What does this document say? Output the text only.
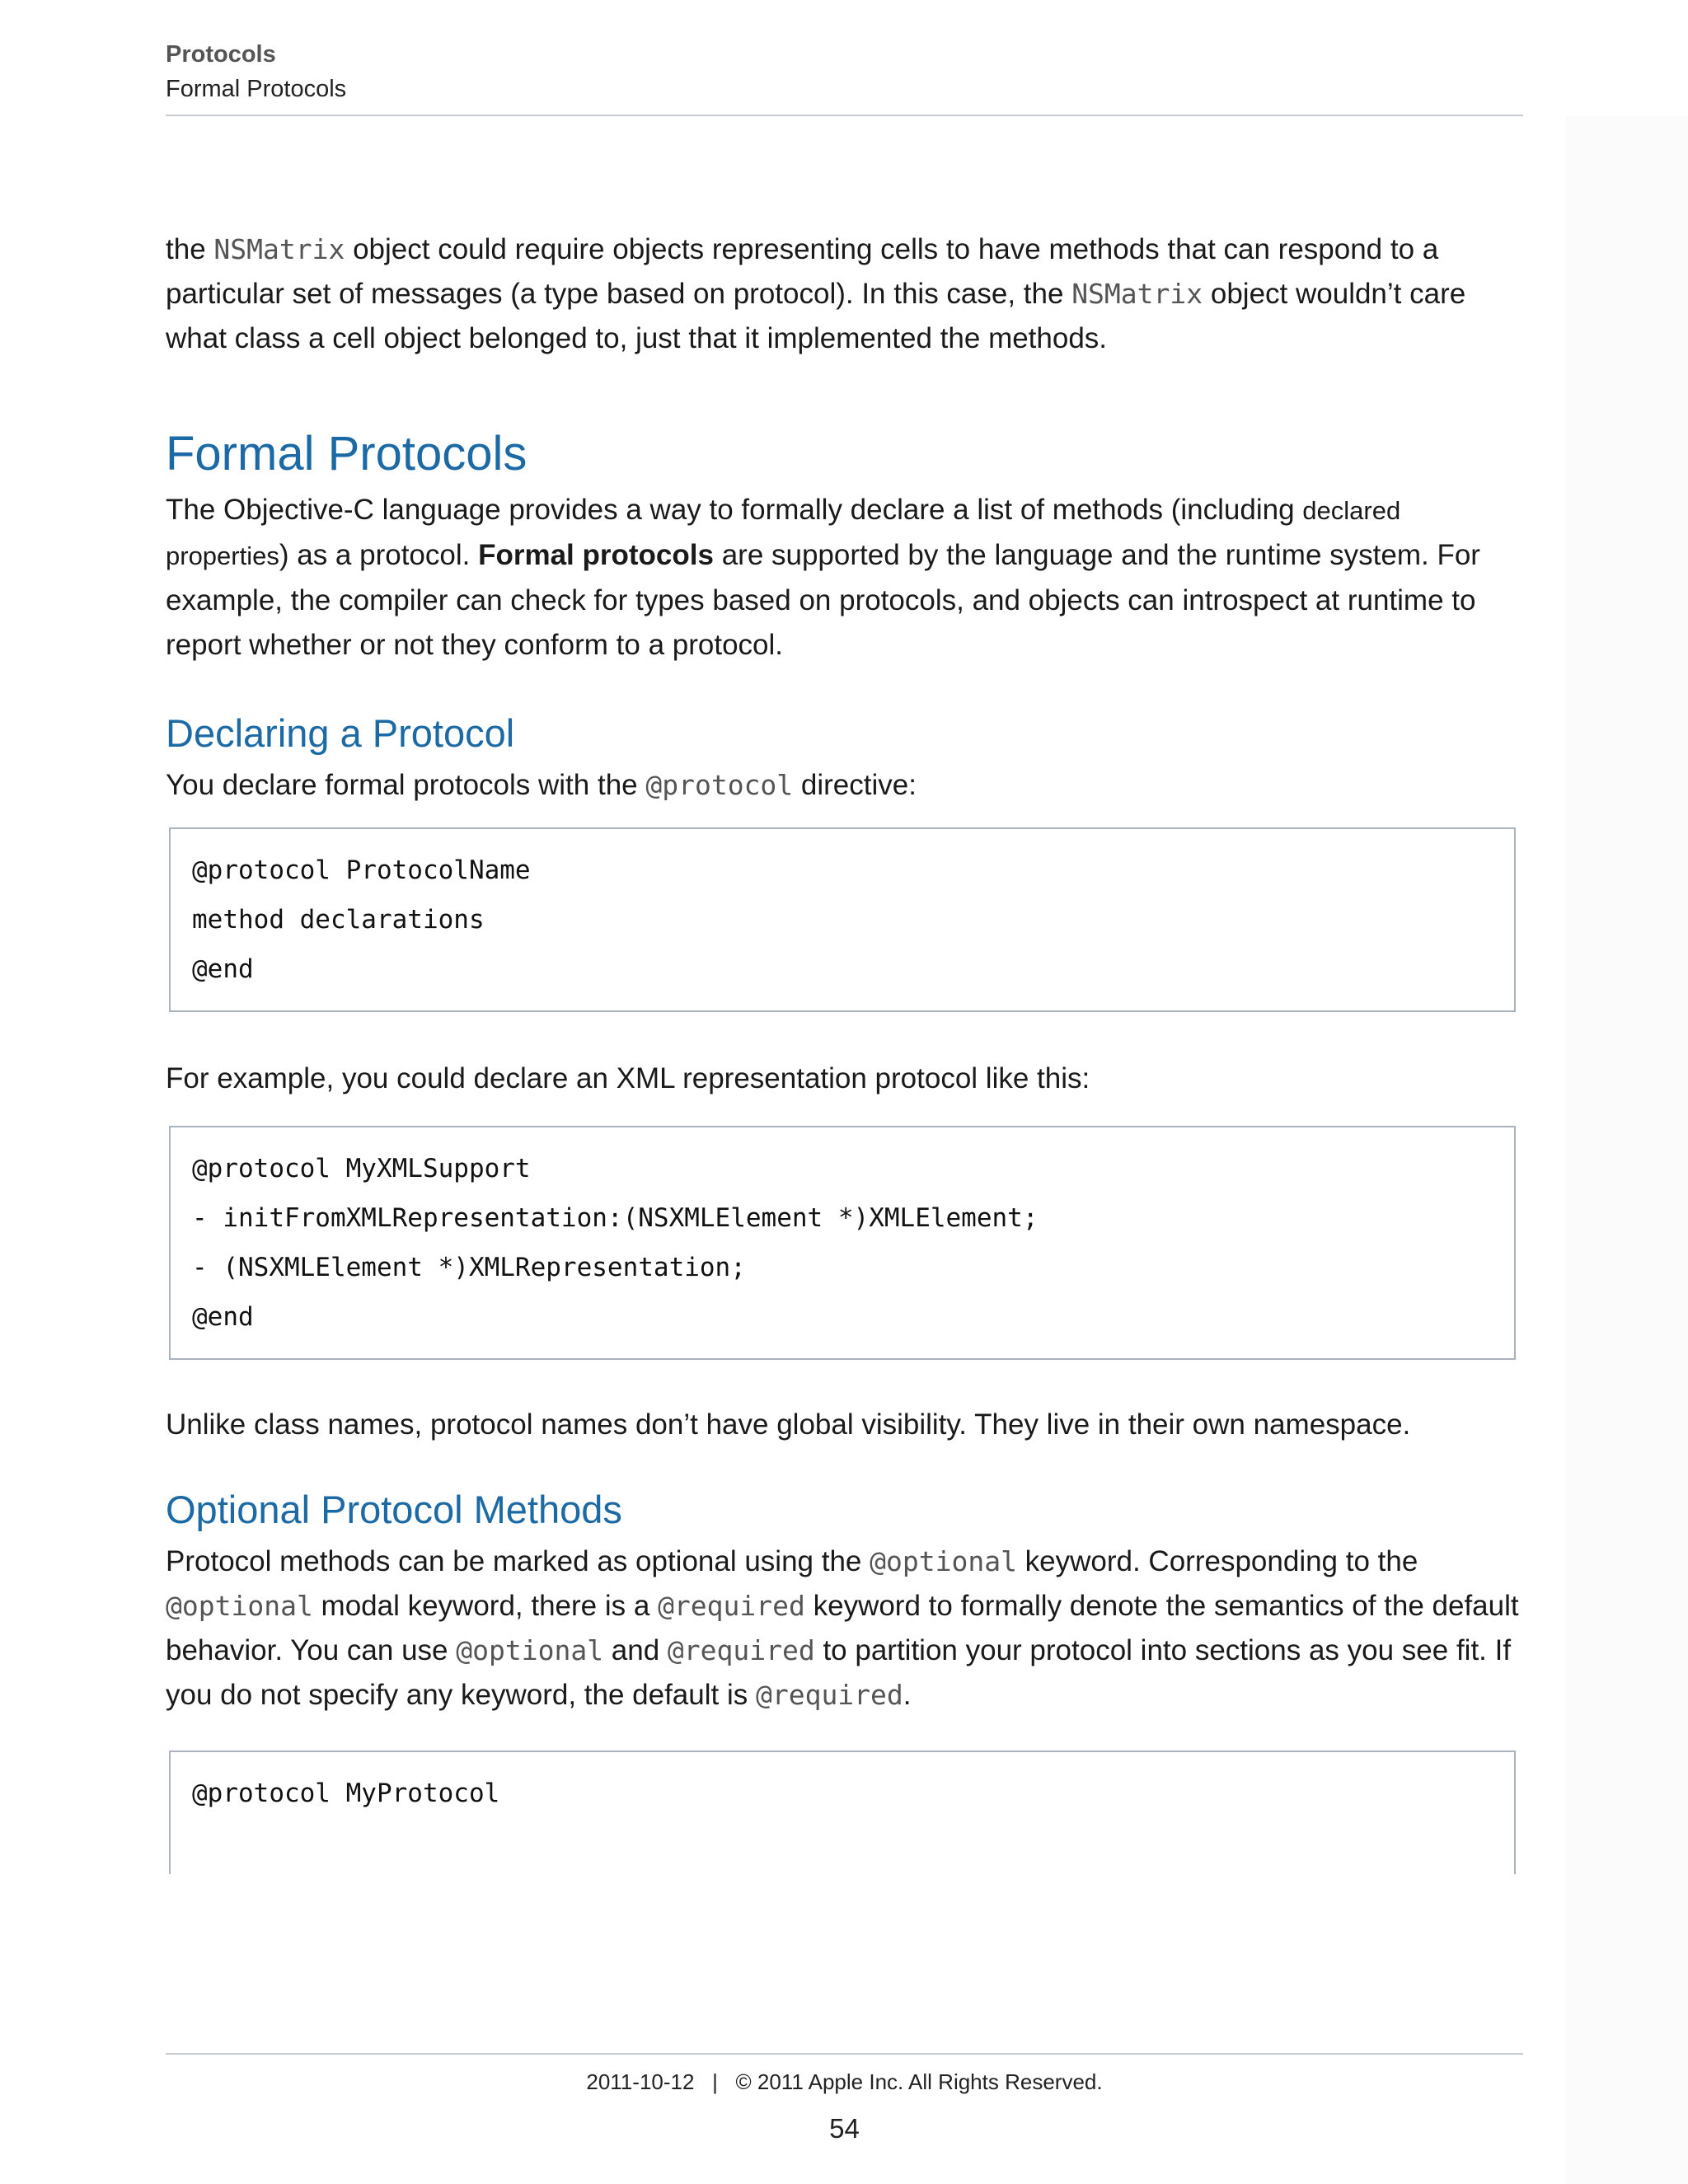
Protocols
Formal Protocols

the NSMatrix object could require objects representing cells to have methods that can respond to a particular set of messages (a type based on protocol). In this case, the NSMatrix object wouldn’t care what class a cell object belonged to, just that it implemented the methods.

Formal Protocols

The Objective-C language provides a way to formally declare a list of methods (including declared properties) as a protocol. Formal protocols are supported by the language and the runtime system. For example, the compiler can check for types based on protocols, and objects can introspect at runtime to report whether or not they conform to a protocol.

Declaring a Protocol

You declare formal protocols with the @protocol directive:

@protocol ProtocolName
method declarations
@end

For example, you could declare an XML representation protocol like this:

@protocol MyXMLSupport
- initFromXMLRepresentation:(NSXMLElement *)XMLElement;
- (NSXMLElement *)XMLRepresentation;
@end

Unlike class names, protocol names don’t have global visibility. They live in their own namespace.

Optional Protocol Methods

Protocol methods can be marked as optional using the @optional keyword. Corresponding to the @optional modal keyword, there is a @required keyword to formally denote the semantics of the default behavior. You can use @optional and @required to partition your protocol into sections as you see fit. If you do not specify any keyword, the default is @required.

@protocol MyProtocol
2011-10-12   |   © 2011 Apple Inc. All Rights Reserved.
54
